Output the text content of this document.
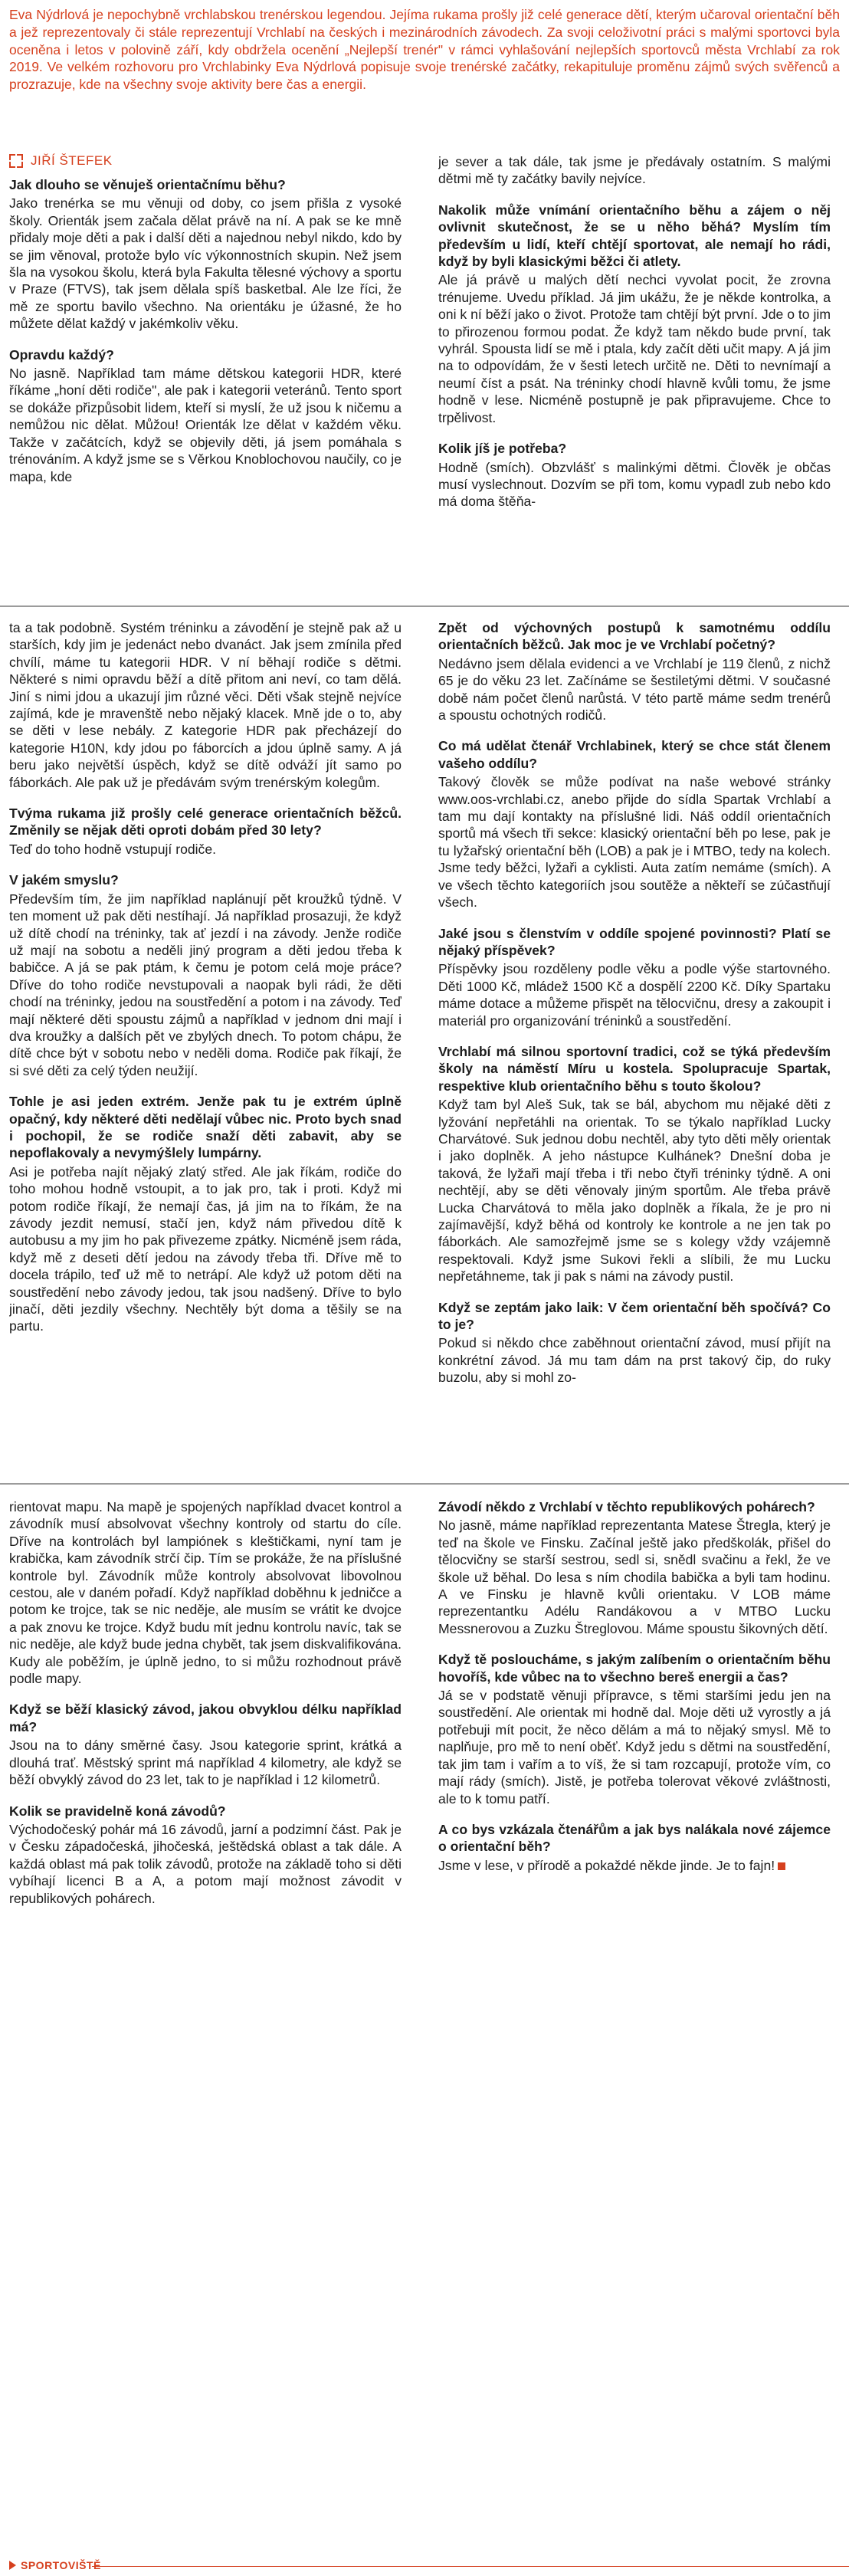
Eva Nýdrlová je nepochybně vrchlabskou trenérskou legendou. Jejíma rukama prošly již celé generace dětí, kterým učaroval orientační běh a jež reprezentovaly či stále reprezentují Vrchlabí na českých i mezinárodních závodech. Za svoji celoživotní práci s malými sportovci byla oceněna i letos v polovině září, kdy obdržela ocenění „Nejlepší trenér" v rámci vyhlašování nejlepších sportovců města Vrchlabí za rok 2019. Ve velkém rozhovoru pro Vrchlabinky Eva Nýdrlová popisuje svoje trenérské začátky, rekapituluje proměnu zájmů svých svěřenců a prozrazuje, kde na všechny svoje aktivity bere čas a energii.
JIŘÍ ŠTEFEK

Jak dlouho se věnuješ orientačnímu běhu?

Jako trenérka se mu věnuji od doby, co jsem přišla z vysoké školy. Orienták jsem začala dělat právě na ní. A pak se ke mně přidaly moje děti a pak i další děti a najednou nebyl nikdo, kdo by se jim věnoval, protože bylo víc výkonnostních skupin. Než jsem šla na vysokou školu, která byla Fakulta tělesné výchovy a sportu v Praze (FTVS), tak jsem dělala spíš basketbal. Ale lze říci, že mě ze sportu bavilo všechno. Na orientáku je úžasné, že ho můžete dělat každý v jakémkoliv věku.

Opravdu každý?

No jasně. Například tam máme dětskou kategorii HDR, které říkáme „honí děti rodiče", ale pak i kategorii veteránů. Tento sport se dokáže přizpůsobit lidem, kteří si myslí, že už jsou k ničemu a nemůžou nic dělat. Můžou! Orienták lze dělat v každém věku. Takže v začátcích, když se objevily děti, já jsem pomáhala s trénováním. A když jsme se s Věrkou Knoblochovou naučily, co je mapa, kde

je sever a tak dále, tak jsme je předávaly ostatním. S malými dětmi mě ty začátky bavily nejvíce.

Nakolik může vnímání orientačního běhu a zájem o něj ovlivnit skutečnost, že se u něho běhá? Myslím tím především u lidí, kteří chtějí sportovat, ale nemají ho rádi, když by byli klasickými běžci či atlety.

Ale já právě u malých dětí nechci vyvolat pocit, že zrovna trénujeme. Uvedu příklad. Já jim ukážu, že je někde kontrolka, a oni k ní běží jako o život. Protože tam chtějí být první. Jde o to jim to přirozenou formou podat. Že když tam někdo bude první, tak vyhrál. Spousta lidí se mě i ptala, kdy začít děti učit mapy. A já jim na to odpovídám, že v šesti letech určitě ne. Děti to nevnímají a neumí číst a psát. Na tréninky chodí hlavně kvůli tomu, že jsme hodně v lese. Nicméně postupně je pak připravujeme. Chce to trpělivost.

Kolik jíš je potřeba?

Hodně (smích). Obzvlášť s malinkými dětmi. Člověk je občas musí vyslechnout. Dozvím se při tom, komu vypadl zub nebo kdo má doma štěňa-

ta a tak podobně. Systém tréninku a závodění je stejně pak až u starších, kdy jim je jedenáct nebo dvanáct. Jak jsem zmínila před chvílí, máme tu kategorii HDR. V ní běhají rodiče s dětmi. Některé s nimi opravdu běží a dítě přitom ani neví, co tam dělá. Jiní s nimi jdou a ukazují jim různé věci. Děti však stejně nejvíce zajímá, kde je mravenště nebo nějaký klacek. Mně jde o to, aby se děti v lese nebály. Z kategorie HDR pak přecházejí do kategorie H10N, kdy jdou po fáborcích a jdou úplně samy. A já beru jako největší úspěch, když se dítě odváží jít samo po fáborkách. Ale pak už je předávám svým trenérským kolegům.

Tvýma rukama již prošly celé generace orientačních běžců. Změnily se nějak děti oproti dobám před 30 lety?

Teď do toho hodně vstupují rodiče.

V jakém smyslu?

Především tím, že jim například naplánují pět kroužků týdně. V ten moment už pak děti nestíhají. Já například prosazuji, že když už dítě chodí na tréninky, tak ať jezdí i na závody. Jenže rodiče už mají na sobotu a neděli jiný program a děti jedou třeba k babičce. A já se pak ptám, k čemu je potom celá moje práce? Dříve do toho rodiče nevstupovali a naopak byli rádi, že děti chodí na tréninky, jedou na soustředění a potom i na závody. Teď mají některé děti spoustu zájmů a například v jednom dni mají i dva kroužky a dalších pět ve zbylých dnech. To potom chápu, že dítě chce být v sobotu nebo v neděli doma. Rodiče pak říkají, že si své děti za celý týden neužijí.

Tohle je asi jeden extrém. Jenže pak tu je extrém úplně opačný, kdy některé děti nedělají vůbec nic. Proto bych snad i pochopil, že se rodiče snaží děti zabavit, aby se nepoflakovaly a nevymýšlely lumpárny.

Asi je potřeba najít nějaký zlatý střed. Ale jak říkám, rodiče do toho mohou hodně vstoupit, a to jak pro, tak i proti. Když mi potom rodiče říkají, že nemají čas, já jim na to říkám, že na závody jezdit nemusí, stačí jen, když nám přivedou dítě k autobusu a my jim ho pak přivezeme zpátky. Nicméně jsem ráda, když mě z deseti dětí jedou na závody třeba tři. Dříve mě to docela trápilo, teď už mě to netrápí. Ale když už potom děti na soustředění nebo závody jedou, tak jsou nadšený. Dříve to bylo jinačí, děti jezdily všechny. Nechtěly být doma a těšily se na partu.

Zpět od výchovných postupů k samotnému oddílu orientačních běžců. Jak moc je ve Vrchlabí početný?

Nedávno jsem dělala evidenci a ve Vrchlabí je 119 členů, z nichž 65 je do věku 23 let. Začínáme se šestiletými dětmi. V současné době nám počet členů narůstá. V této partě máme sedm trenérů a spoustu ochotných rodičů.

Co má udělat čtenář Vrchlabinek, který se chce stát členem vašeho oddílu?

Takový člověk se může podívat na naše webové stránky www.oos-vrchlabi.cz, anebo přijde do sídla Spartak Vrchlabí a tam mu dají kontakty na příslušné lidi. Náš oddíl orientačních sportů má všech tři sekce: klasický orientační běh po lese, pak je tu lyžařský orientační běh (LOB) a pak je i MTBO, tedy na kolech. Jsme tedy běžci, lyžaři a cyklisti. Auta zatím nemáme (smích). A ve všech těchto kategoriích jsou soutěže a někteří se zúčastňují všech.

Jaké jsou s členstvím v oddíle spojené povinnosti? Platí se nějaký příspěvek?

Příspěvky jsou rozděleny podle věku a podle výše startovného. Děti 1000 Kč, mládež 1500 Kč a dospělí 2200 Kč. Díky Spartaku máme dotace a můžeme přispět na tělocvičnu, dresy a zakoupit i materiál pro organizování tréninků a soustředění.

Vrchlabí má silnou sportovní tradici, což se týká především školy na náměstí Míru u kostela. Spolupracuje Spartak, respektive klub orientačního běhu s touto školou?

Když tam byl Aleš Suk, tak se bál, abychom mu nějaké děti z lyžování nepřetáhli na orientak. To se týkalo například Lucky Charvátové. Suk jednou dobu nechtěl, aby tyto děti měly orientak i jako doplněk. A jeho nástupce Kulhánek? Dnešní doba je taková, že lyžaři mají třeba i tři nebo čtyři tréninky týdně. A oni nechtějí, aby se děti věnovaly jiným sportům. Ale třeba právě Lucka Charvátová to měla jako doplněk a říkala, že je pro ni zajímavější, když běhá od kontroly ke kontrole a ne jen tak po fáborkách. Ale samozřejmě jsme se s kolegy vždy vzájemně respektovali. Když jsme Sukovi řekli a slíbili, že mu Lucku nepřetáhneme, tak ji pak s námi na závody pustil.

Když se zeptám jako laik: V čem orientační běh spočívá? Co to je?

Pokud si někdo chce zaběhnout orientační závod, musí přijít na konkrétní závod. Já mu tam dám na prst takový čip, do ruky buzolu, aby si mohl zo-

rientovat mapu. Na mapě je spojených například dvacet kontrol a závodník musí absolvovat všechny kontroly od startu do cíle. Dříve na kontrolách byl lampiónek s kleštičkami, nyní tam je krabička, kam závodník strčí čip. Tím se prokáže, že na příslušné kontrole byl. Závodník může kontroly absolvovat libovolnou cestou, ale v daném pořadí. Když například doběhnu k jedničce a potom ke trojce, tak se nic neděje, ale musím se vrátit ke dvojce a pak znovu ke trojce. Když budu mít jednu kontrolu navíc, tak se nic neděje, ale když bude jedna chybět, tak jsem diskvalifikována. Kudy ale poběžím, je úplně jedno, to si můžu rozhodnout právě podle mapy.

Když se běží klasický závod, jakou obvyklou délku například má?

Jsou na to dány směrné časy. Jsou kategorie sprint, krátká a dlouhá trať. Městský sprint má například 4 kilometry, ale když se běží obvyklý závod do 23 let, tak to je například i 12 kilometrů.

Kolik se pravidelně koná závodů?

Východočeský pohár má 16 závodů, jarní a podzimní část. Pak je v Česku západočeská, jihočeská, ještědská oblast a tak dále. A každá oblast má pak tolik závodů, protože na základě toho si děti vybíhají licenci B a A, a potom mají možnost závodit v republikových pohárech.

Závodí někdo z Vrchlabí v těchto republikových pohárech?

No jasně, máme například reprezentanta Matese Štregla, který je teď na škole ve Finsku. Začínal ještě jako předškolák, přišel do tělocvičny se starší sestrou, sedl si, snědl svačinu a řekl, že ve škole už běhal. Do lesa s ním chodila babička a byli tam hodinu. A ve Finsku je hlavně kvůli orientaku. V LOB máme reprezentantku Adélu Randákovou a v MTBO Lucku Messnerovou a Zuzku Štreglovou. Máme spoustu šikovných dětí.

Když tě posloucháme, s jakým zalíbením o orientačním běhu hovoříš, kde vůbec na to všechno bereš energii a čas?

Já se v podstatě věnuji přípravce, s těmi staršími jedu jen na soustředění. Ale orientak mi hodně dal. Moje děti už vyrostly a já potřebuji mít pocit, že něco dělám a má to nějaký smysl. Mě to naplňuje, pro mě to není oběť. Když jedu s dětmi na soustředění, tak jim tam i vařím a to víš, že si tam rozcapují, protože vím, co mají rády (smích). Jistě, je potřeba tolerovat věkové zvláštnosti, ale to k tomu patří.

A co bys vzkázala čtenářům a jak bys nalákala nové zájemce o orientační běh?

Jsme v lese, v přírodě a pokaždé někde jinde. Je to fajn!

SPORTOVIŠTĚ
